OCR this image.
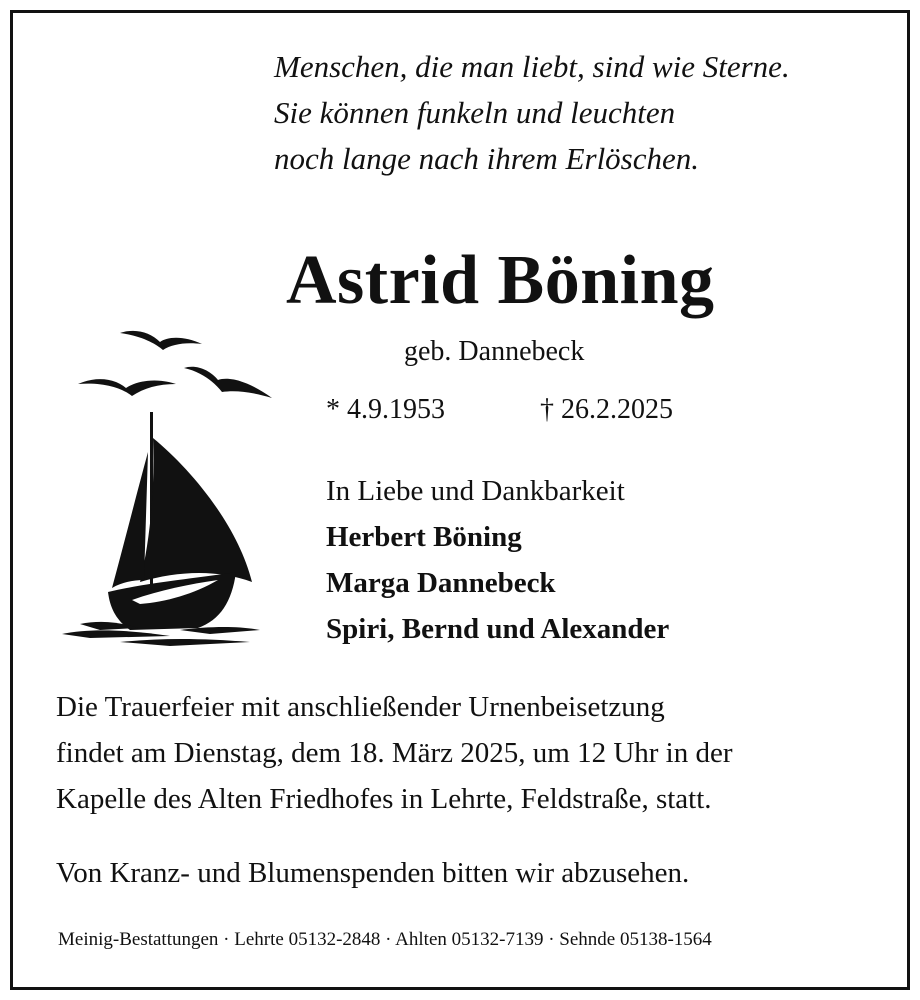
Menschen, die man liebt, sind wie Sterne.
Sie können funkeln und leuchten
noch lange nach ihrem Erlöschen.
Astrid Böning
geb. Dannebeck
* 4.9.1953	† 26.2.2025
In Liebe und Dankbarkeit
Herbert Böning
Marga Dannebeck
Spiri, Bernd und Alexander
Die Trauerfeier mit anschließender Urnenbeisetzung
findet am Dienstag, dem 18. März 2025, um 12 Uhr in der
Kapelle des Alten Friedhofes in Lehrte, Feldstraße, statt.
Von Kranz- und Blumenspenden bitten wir abzusehen.
Meinig-Bestattungen · Lehrte 05132-2848 · Ahlten 05132-7139 · Sehnde 05138-1564
